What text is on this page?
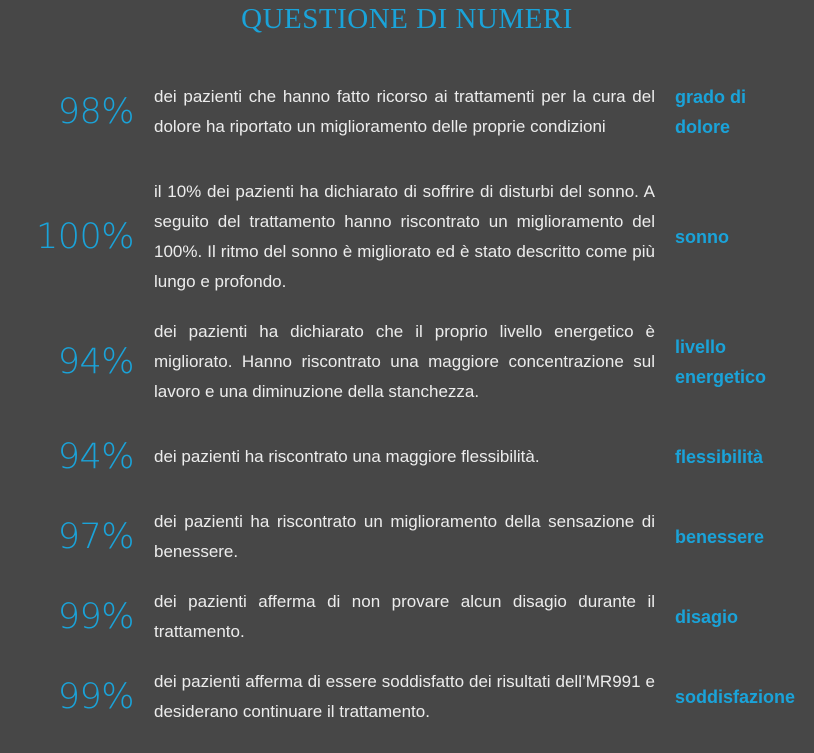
QUESTIONE DI NUMERI
98% dei pazienti che hanno fatto ricorso ai trattamenti per la cura del dolore ha riportato un miglioramento delle proprie condizioni
grado di dolore
100%
il 10% dei pazienti ha dichiarato di soffrire di disturbi del sonno. A seguito del trattamento hanno riscontrato un miglioramento del 100%. Il ritmo del sonno è migliorato ed è stato descritto come più lungo e profondo.
sonno
94%
dei pazienti ha dichiarato che il proprio livello energetico è migliorato. Hanno riscontrato una maggiore concentrazione sul lavoro e una diminuzione della stanchezza.
livello energetico
94% dei pazienti ha riscontrato una maggiore flessibilità.	flessibilità
97% dei pazienti ha riscontrato un miglioramento della sensazione di benessere.
benessere
99% dei pazienti afferma di non provare alcun disagio durante il trattamento.
disagio
99% dei pazienti afferma di essere soddisfatto dei risultati dell’MR991 e desiderano continuare il trattamento.
soddisfazione
